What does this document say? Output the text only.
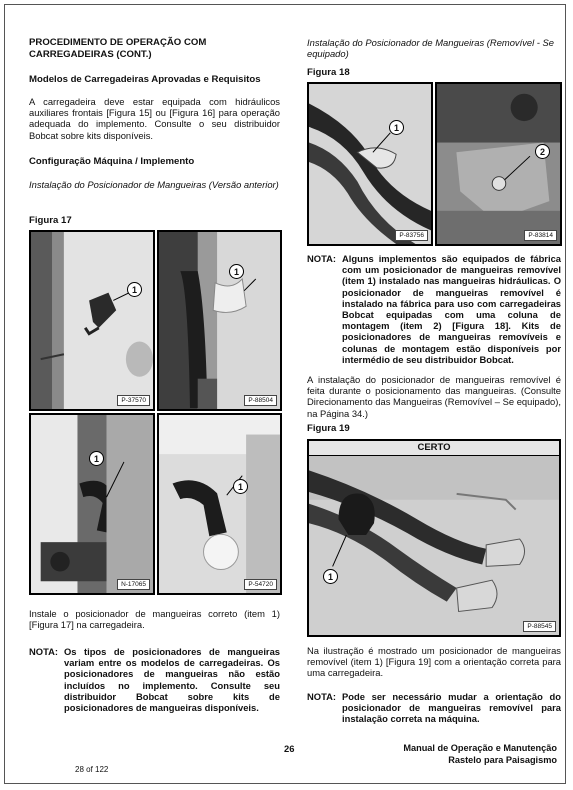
PROCEDIMENTO DE OPERAÇÃO COM CARREGADEIRAS (CONT.)
Modelos de Carregadeiras Aprovadas e Requisitos
A carregadeira deve estar equipada com hidráulicos auxiliares frontais [Figura 15] ou [Figura 16] para operação adequada do implemento. Consulte o seu distribuidor Bobcat sobre kits disponíveis.
Configuração Máquina / Implemento
Instalação do Posicionador de Mangueiras (Versão anterior)
Figura 17
1
P-37570
1
P-88504
1
N-17065
1
P-54720
Instale o posicionador de mangueiras correto (item 1) [Figura 17] na carregadeira.
NOTA: Os tipos de posicionadores de mangueiras variam entre os modelos de carregadeiras. Os posicionadores de mangueiras não estão incluídos no implemento. Consulte seu distribuidor Bobcat sobre kits de posicionadores de mangueiras disponíveis.
Instalação do Posicionador de Mangueiras (Removível - Se equipado)
Figura 18
1
P-83756
2
P-83814
NOTA: Alguns implementos são equipados de fábrica com um posicionador de mangueiras removível (item 1) instalado nas mangueiras hidráulicas. O posicionador de mangueiras removível é instalado na fábrica para uso com carregadeiras Bobcat equipadas com uma coluna de montagem (item 2) [Figura 18]. Kits de posicionadores de mangueiras removíveis e colunas de montagem estão disponíveis por intermédio de seu distribuidor Bobcat.
A instalação do posicionador de mangueiras removível é feita durante o posicionamento das mangueiras. (Consulte Direcionamento das Mangueiras (Removível – Se equipado), na Página 34.)
Figura 19
CERTO
1
P-88545
Na ilustração é mostrado um posicionador de mangueiras removível (item 1) [Figura 19] com a orientação correta para uma carregadeira.
NOTA: Pode ser necessário mudar a orientação do posicionador de mangueiras removível para instalação correta na máquina.
26	Manual de Operação e Manutenção
Rastelo para Paisagismo
28 of 122
